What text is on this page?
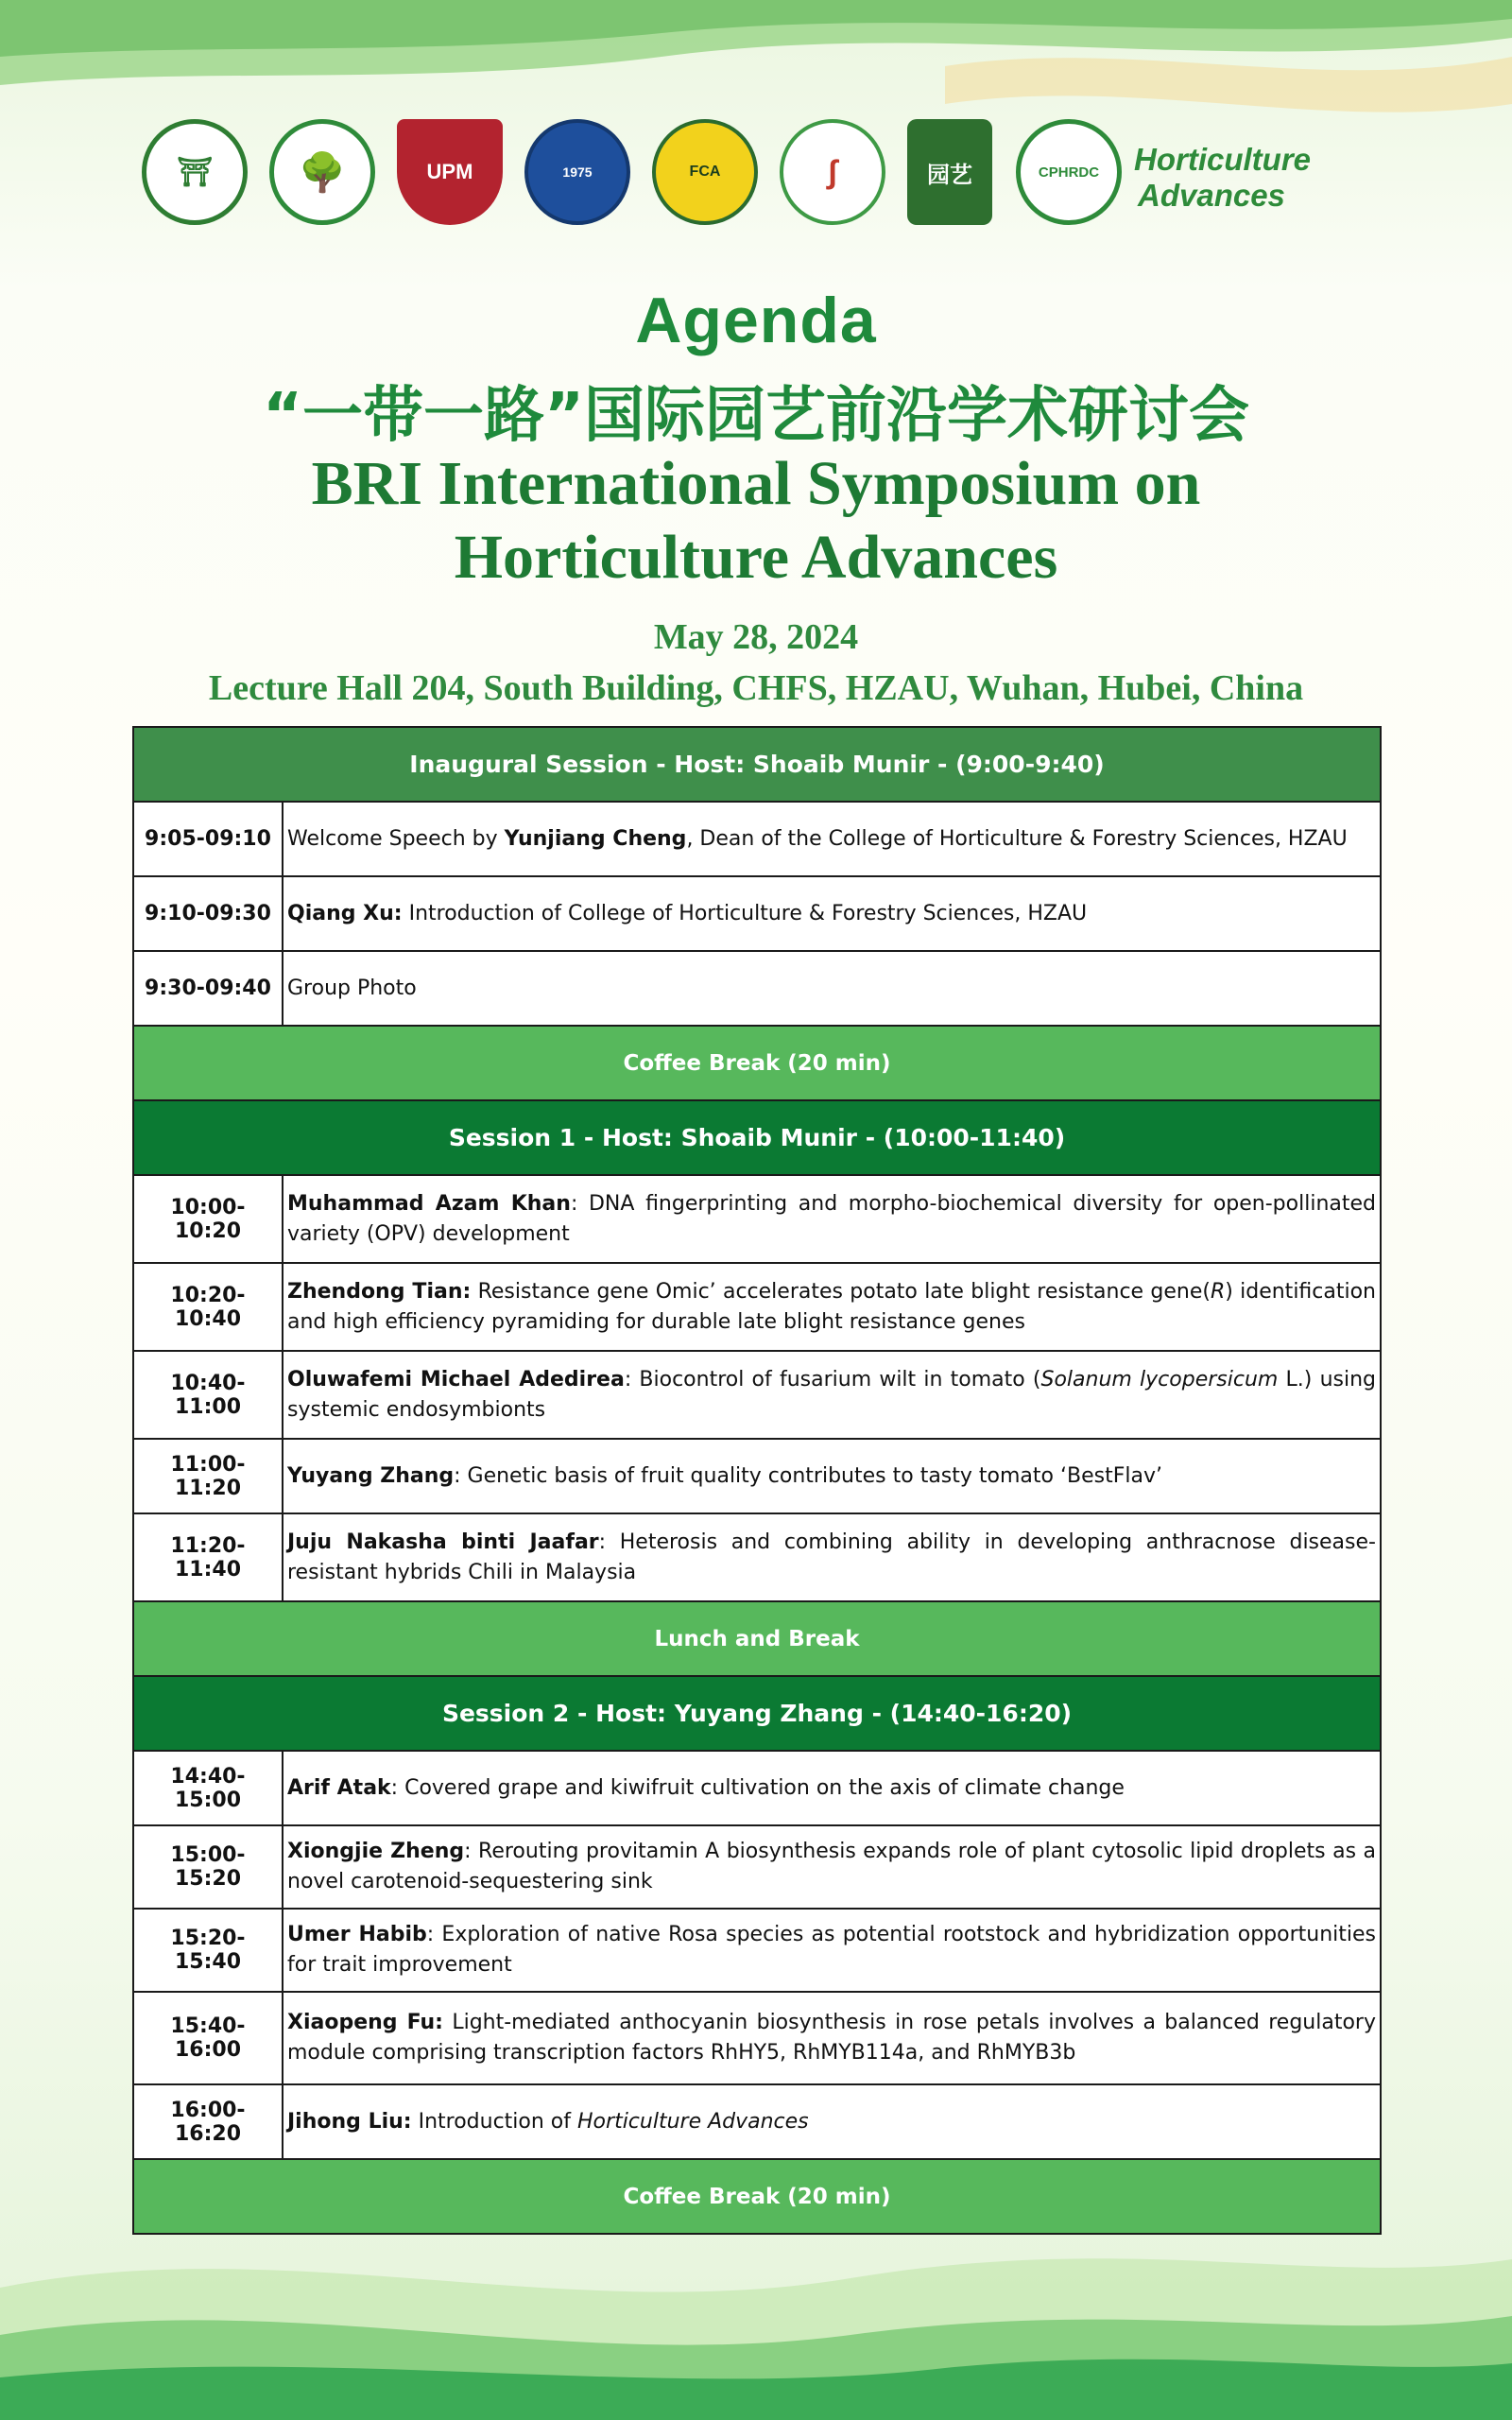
⛩	🌳	UPM	1975	FCA	∫	园艺	CPHRDC	Horticulture
Advances
Agenda
“一带一路”国际园艺前沿学术研讨会
BRI International Symposium on
Horticulture Advances
May 28, 2024
Lecture Hall 204, South Building, CHFS, HZAU, Wuhan, Hubei, China
Inaugural Session - Host: Shoaib Munir - (9:00-9:40)	
9:05-09:10	Welcome Speech by Yunjiang Cheng, Dean of the College of Horticulture & Forestry Sciences, HZAU
9:10-09:30	Qiang Xu: Introduction of College of Horticulture & Forestry Sciences, HZAU
9:30-09:40	Group Photo
Coffee Break (20 min)	
Session 1 - Host: Shoaib Munir - (10:00-11:40)	
10:00-10:20	Muhammad Azam Khan: DNA fingerprinting and morpho-biochemical diversity for open-pollinated variety (OPV) development
10:20-10:40	Zhendong Tian: Resistance gene Omic’ accelerates potato late blight resistance gene(R) identification and high efficiency pyramiding for durable late blight resistance genes
10:40-11:00	Oluwafemi Michael Adedirea: Biocontrol of fusarium wilt in tomato (Solanum lycopersicum L.) using systemic endosymbionts
11:00-11:20	Yuyang Zhang: Genetic basis of fruit quality contributes to tasty tomato ‘BestFlav’
11:20-11:40	Juju Nakasha binti Jaafar: Heterosis and combining ability in developing anthracnose disease-resistant hybrids Chili in Malaysia
Lunch and Break	
Session 2 - Host: Yuyang Zhang - (14:40-16:20)	
14:40-15:00	Arif Atak: Covered grape and kiwifruit cultivation on the axis of climate change
15:00-15:20	Xiongjie Zheng: Rerouting provitamin A biosynthesis expands role of plant cytosolic lipid droplets as a novel carotenoid-sequestering sink
15:20-15:40	Umer Habib: Exploration of native Rosa species as potential rootstock and hybridization opportunities for trait improvement
15:40-16:00	Xiaopeng Fu: Light-mediated anthocyanin biosynthesis in rose petals involves a balanced regulatory module comprising transcription factors RhHY5, RhMYB114a, and RhMYB3b
16:00-16:20	Jihong Liu: Introduction of Horticulture Advances
Coffee Break (20 min)	
